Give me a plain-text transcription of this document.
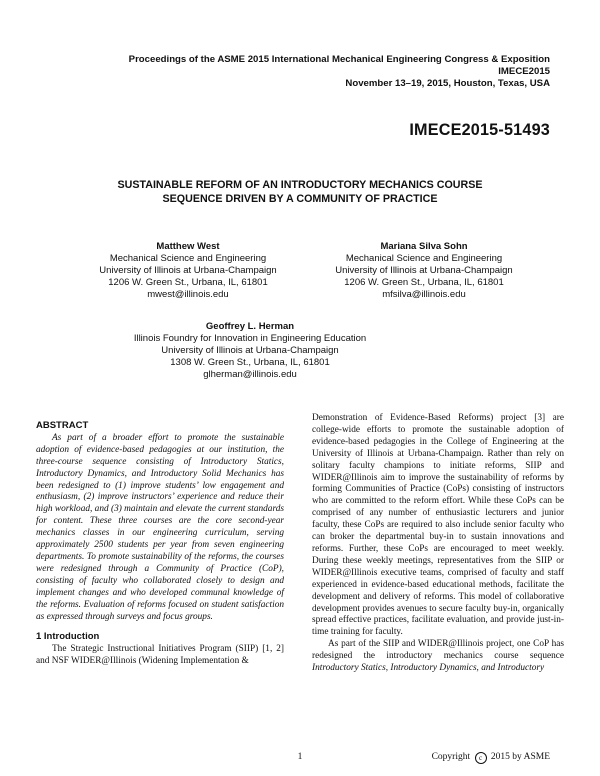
Proceedings of the ASME 2015 International Mechanical Engineering Congress & Exposition
IMECE2015
November 13–19, 2015, Houston, Texas, USA
IMECE2015-51493
SUSTAINABLE REFORM OF AN INTRODUCTORY MECHANICS COURSE
SEQUENCE DRIVEN BY A COMMUNITY OF PRACTICE
Matthew West
Mechanical Science and Engineering
University of Illinois at Urbana-Champaign
1206 W. Green St., Urbana, IL, 61801
mwest@illinois.edu
Mariana Silva Sohn
Mechanical Science and Engineering
University of Illinois at Urbana-Champaign
1206 W. Green St., Urbana, IL, 61801
mfsilva@illinois.edu
Geoffrey L. Herman
Illinois Foundry for Innovation in Engineering Education
University of Illinois at Urbana-Champaign
1308 W. Green St., Urbana, IL, 61801
glherman@illinois.edu
ABSTRACT

As part of a broader effort to promote the sustainable adoption of evidence-based pedagogies at our institution, the three-course sequence consisting of Introductory Statics, Introductory Dynamics, and Introductory Solid Mechanics has been redesigned to (1) improve students’ low engagement and enthusiasm, (2) improve instructors’ experience and reduce their high workload, and (3) maintain and elevate the current standards for content. These three courses are the core second-year mechanics classes in our engineering curriculum, serving approximately 2500 students per year from seven engineering departments. To promote sustainability of the reforms, the courses were redesigned through a Community of Practice (CoP), consisting of faculty who collaborated closely to design and implement changes and who developed communal knowledge of the reforms. Evaluation of reforms focused on student satisfaction as expressed through surveys and focus groups.

1 Introduction

The Strategic Instructional Initiatives Program (SIIP) [1, 2] and NSF WIDER@Illinois (Widening Implementation &

Demonstration of Evidence-Based Reforms) project [3] are college-wide efforts to promote the sustainable adoption of evidence-based pedagogies in the College of Engineering at the University of Illinois at Urbana-Champaign. Rather than rely on solitary faculty champions to initiate reforms, SIIP and WIDER@Illinois aim to improve the sustainability of reforms by forming Communities of Practice (CoPs) consisting of instructors who are committed to the reform effort. While these CoPs can be comprised of any number of enthusiastic lecturers and junior faculty, these CoPs are required to also include senior faculty who can broker the departmental buy-in to sustain innovations and reforms. Further, these CoPs are encouraged to meet weekly. During these weekly meetings, representatives from the SIIP or WIDER@Illinois executive teams, comprised of faculty and staff experienced in evidence-based educational methods, facilitate the development and delivery of reforms. This model of collaborative development provides avenues to secure faculty buy-in, organically spread effective practices, facilitate evaluation, and provide just-in-time training for faculty.

As part of the SIIP and WIDER@Illinois project, one CoP has redesigned the introductory mechanics course sequence Introductory Statics, Introductory Dynamics, and Introductory

1	Copyright c 2015 by ASME
